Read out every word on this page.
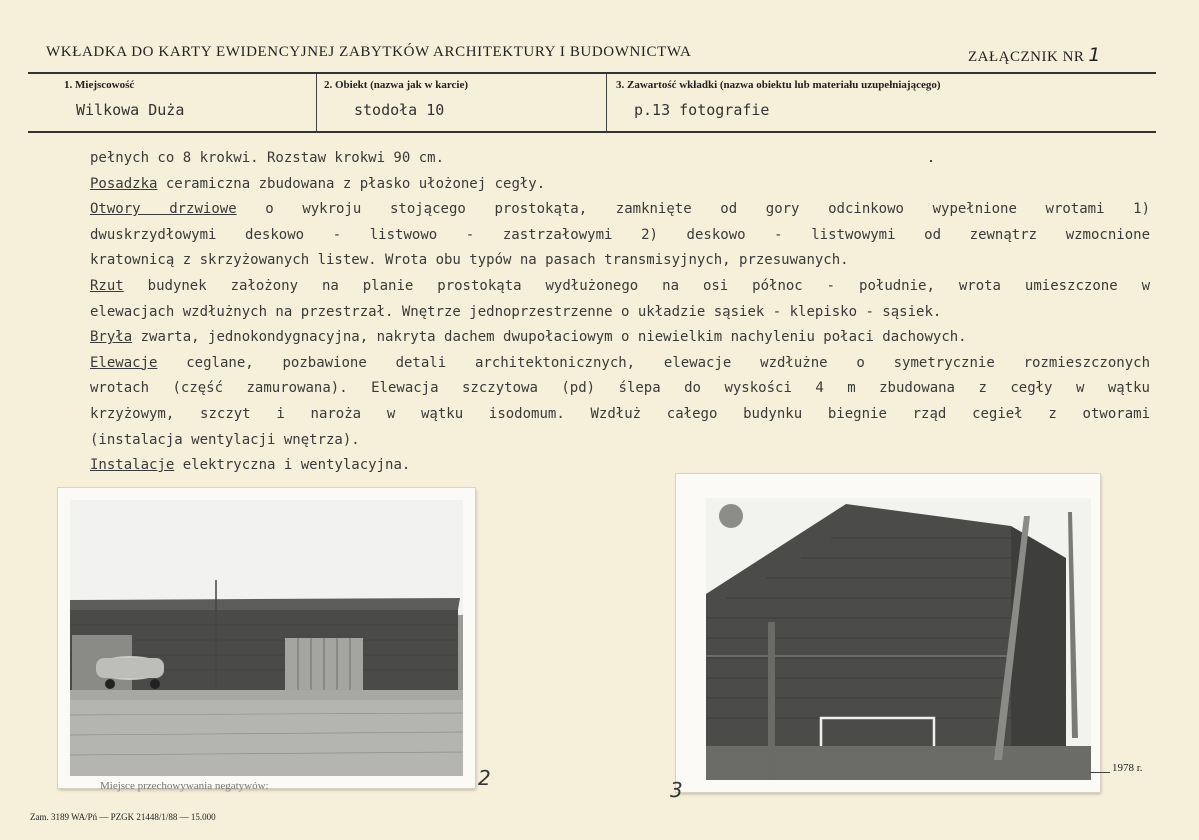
WKŁADKA DO KARTY EWIDENCYJNEJ ZABYTKÓW ARCHITEKTURY I BUDOWNICTWA	ZAŁĄCZNIK NR 1
1. Miejscowość
Wilkowa Duża
2. Obiekt (nazwa jak w karcie)
stodoła 10
3. Zawartość wkładki (nazwa obiektu lub materiału uzupełniającego)
p.13 fotografie
pełnych co 8 krokwi. Rozstaw krokwi 90 cm.
Posadzka ceramiczna zbudowana z płasko ułożonej cegły.
Otwory drzwiowe o wykroju stojącego prostokąta, zamknięte od gory odcinkowo wypełnione wrotami 1)
dwuskrzydłowymi deskowo - listwowo - zastrzałowymi 2) deskowo - listwowymi od zewnątrz wzmocnione
kratownicą z skrzyżowanych listew. Wrota obu typów na pasach transmisyjnych, przesuwanych.
Rzut budynek założony na planie prostokąta wydłużonego na osi północ - południe, wrota umieszczone w
elewacjach wzdłużnych na przestrzał. Wnętrze jednoprzestrzenne o układzie sąsiek - klepisko - sąsiek.
Bryła zwarta, jednokondygnacyjna, nakryta dachem dwupołaciowym o niewielkim nachyleniu połaci dachowych.
Elewacje ceglane, pozbawione detali architektonicznych, elewacje wzdłużne o symetrycznie rozmieszczonych
wrotach (część zamurowana). Elewacja szczytowa (pd) ślepa do wyskości 4 m zbudowana z cegły w wątku
krzyżowym, szczyt i naroża w wątku isodomum. Wzdłuż całego budynku biegnie rząd cegieł z otworami
(instalacja wentylacji wnętrza).
Instalacje elektryczna i wentylacyjna.
2	3
Miejsce przechowywania negatywów:
1978 r.
Zam. 3189 WA/Pń — PZGK 21448/1/88 — 15.000
